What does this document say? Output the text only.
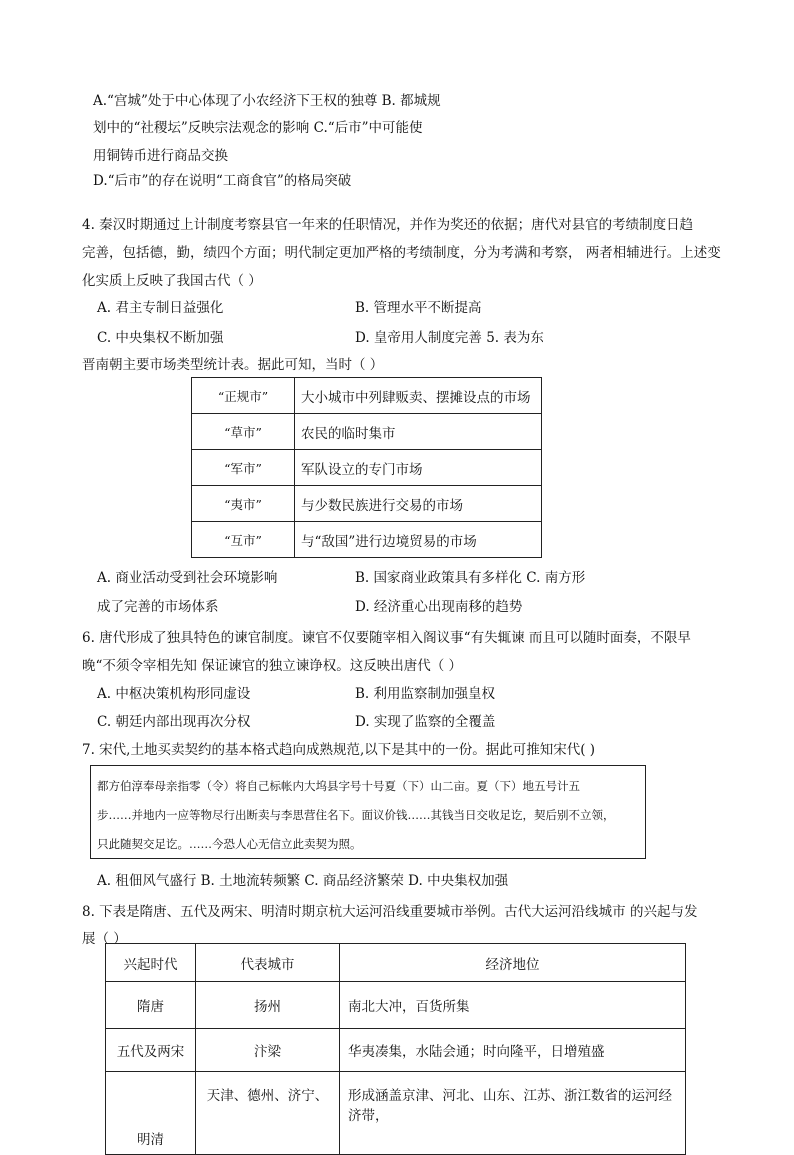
A.“宫城”处于中心体现了小农经济下王权的独尊 B. 都城规
划中的“社稷坛”反映宗法观念的影响 C.“后市”中可能使
用铜铸币进行商品交换
D.“后市”的存在说明“工商食官”的格局突破
4. 秦汉时期通过上计制度考察县官一年来的任职情况，并作为奖还的依据；唐代对县官的考绩制度日趋
完善，包括德，勤，绩四个方面；明代制定更加严格的考绩制度，分为考满和考察， 两者相辅进行。上述变
化实质上反映了我国古代（ ）
A. 君主专制日益强化	B. 管理水平不断提高
C. 中央集权不断加强	D. 皇帝用人制度完善 5. 表为东
晋南朝主要市场类型统计表。据此可知，当时（ ）
“正规市”	大小城市中列肆贩卖、摆摊设点的市场
“草市”	农民的临时集市
“军市”	军队设立的专门市场
“夷市”	与少数民族进行交易的市场
“互市”	与“敌国”进行边境贸易的市场
A. 商业活动受到社会环境影响	B. 国家商业政策具有多样化 C. 南方形
成了完善的市场体系	D. 经济重心出现南移的趋势
6. 唐代形成了独具特色的谏官制度。谏官不仅要随宰相入阁议事“有失辄谏 而且可以随时面奏，不限早
晚“不须令宰相先知 保证谏官的独立谏诤权。这反映出唐代（ ）
A. 中枢决策机构形同虚设	B. 利用监察制加强皇权
C. 朝廷内部出现再次分权	D. 实现了监察的全覆盖
7. 宋代,土地买卖契约的基本格式趋向成熟规范,以下是其中的一份。据此可推知宋代( )
都方伯淳奉母亲指零（令）将自己标帐内大坞县字号十号夏（下）山二亩。夏（下）地五号计五
步……并地内一应等物尽行出断卖与李思营住名下。面议价钱……其钱当日交收足讫，契后别不立领，
只此随契交足讫。……今恐人心无信立此卖契为照。
A. 租佃风气盛行 B. 土地流转频繁 C. 商品经济繁荣 D. 中央集权加强
8. 下表是隋唐、五代及两宋、明清时期京杭大运河沿线重要城市举例。古代大运河沿线城市 的兴起与发
展（ ）
兴起时代	代表城市	经济地位
隋唐	扬州	南北大冲，百货所集
五代及两宋	汴梁	华夷凑集，水陆会通；时向隆平，日增殖盛
明清	天津、德州、济宁、	形成涵盖京津、河北、山东、江苏、浙江数省的运河经 济带，
